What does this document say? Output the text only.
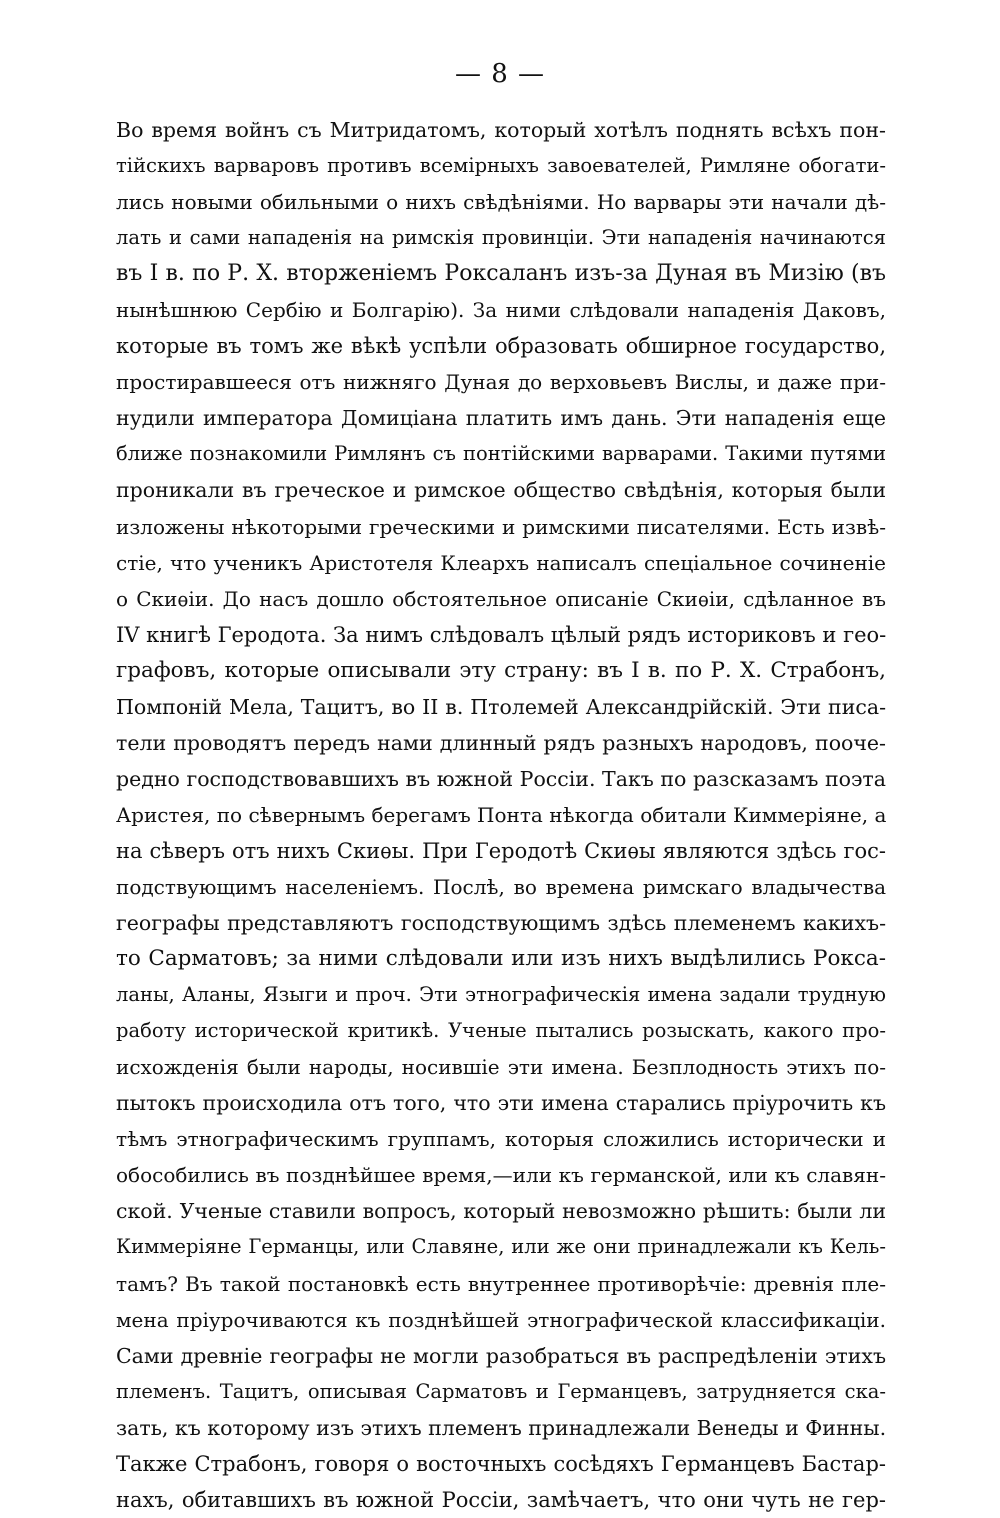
— 8 —
Во время войнъ съ Митридатомъ, который хотѣлъ поднять всѣхъ пон-
тійскихъ варваровъ противъ всемірныхъ завоевателей, Римляне обогати-
лись новыми обильными о нихъ свѣдѣніями. Но варвары эти начали дѣ-
лать и сами нападенія на римскія провинціи. Эти нападенія начинаются
въ I в. по Р. Х. вторженіемъ Роксаланъ изъ-за Дуная въ Мизію (въ
нынѣшнюю Сербію и Болгарію). За ними слѣдовали нападенія Даковъ,
которые въ томъ же вѣкѣ успѣли образовать обширное государство,
простиравшееся отъ нижняго Дуная до верховьевъ Вислы, и даже при-
нудили императора Домиціана платить имъ дань. Эти нападенія еще
ближе познакомили Римлянъ съ понтійскими варварами. Такими путями
проникали въ греческое и римское общество свѣдѣнія, которыя были
изложены нѣкоторыми греческими и римскими писателями. Есть извѣ-
стіе, что ученикъ Аристотеля Клеархъ написалъ спеціальное сочиненіе
о Скиѳіи. До насъ дошло обстоятельное описаніе Скиѳіи, сдѣланное въ
IV книгѣ Геродота. За нимъ слѣдовалъ цѣлый рядъ историковъ и гео-
графовъ, которые описывали эту страну: въ I в. по Р. Х. Страбонъ,
Помпоній Мела, Тацитъ, во II в. Птолемей Александрійскій. Эти писа-
тели проводятъ передъ нами длинный рядъ разныхъ народовъ, поочe-
редно господствовавшихъ въ южной Россіи. Такъ по разсказамъ поэта
Аристея, по сѣвернымъ берегамъ Понта нѣкогда обитали Киммеріяне, а
на сѣверъ отъ нихъ Скиѳы. При Геродотѣ Скиѳы являются здѣсь гос-
подствующимъ населеніемъ. Послѣ, во времена римскаго владычества
географы представляютъ господствующимъ здѣсь племенемъ какихъ-
то Сарматовъ; за ними слѣдовали или изъ нихъ выдѣлились Роксa-
ланы, Аланы, Языги и проч. Эти этнографическія имена задали трудную
работу исторической критикѣ. Ученые пытались розыскать, какого про-
исхожденія были народы, носившіе эти имена. Безплодность этихъ по-
пытокъ происходила отъ того, что эти имена старались пріурочить къ
тѣмъ этнографическимъ группамъ, которыя сложились исторически и
обособились въ позднѣйшее время,—или къ германской, или къ славян-
ской. Ученые ставили вопросъ, который невозможно рѣшить: были ли
Киммеріяне Германцы, или Славяне, или же они принадлежали къ Кель-
тамъ? Въ такой постановкѣ есть внутреннее противорѣчіе: древнія пле-
мена пріурочиваются къ позднѣйшей этнографической классификаціи.
Сами древніе географы не могли разобраться въ распредѣленіи этихъ
племенъ. Тацитъ, описывая Сарматовъ и Германцевъ, затрудняется ска-
зать, къ которому изъ этихъ племенъ принадлежали Венеды и Финны.
Также Страбонъ, говоря о восточныхъ сосѣдяхъ Германцевъ Бастар-
нахъ, обитавшихъ въ южной Россіи, замѣчаетъ, что они чуть не гер-
